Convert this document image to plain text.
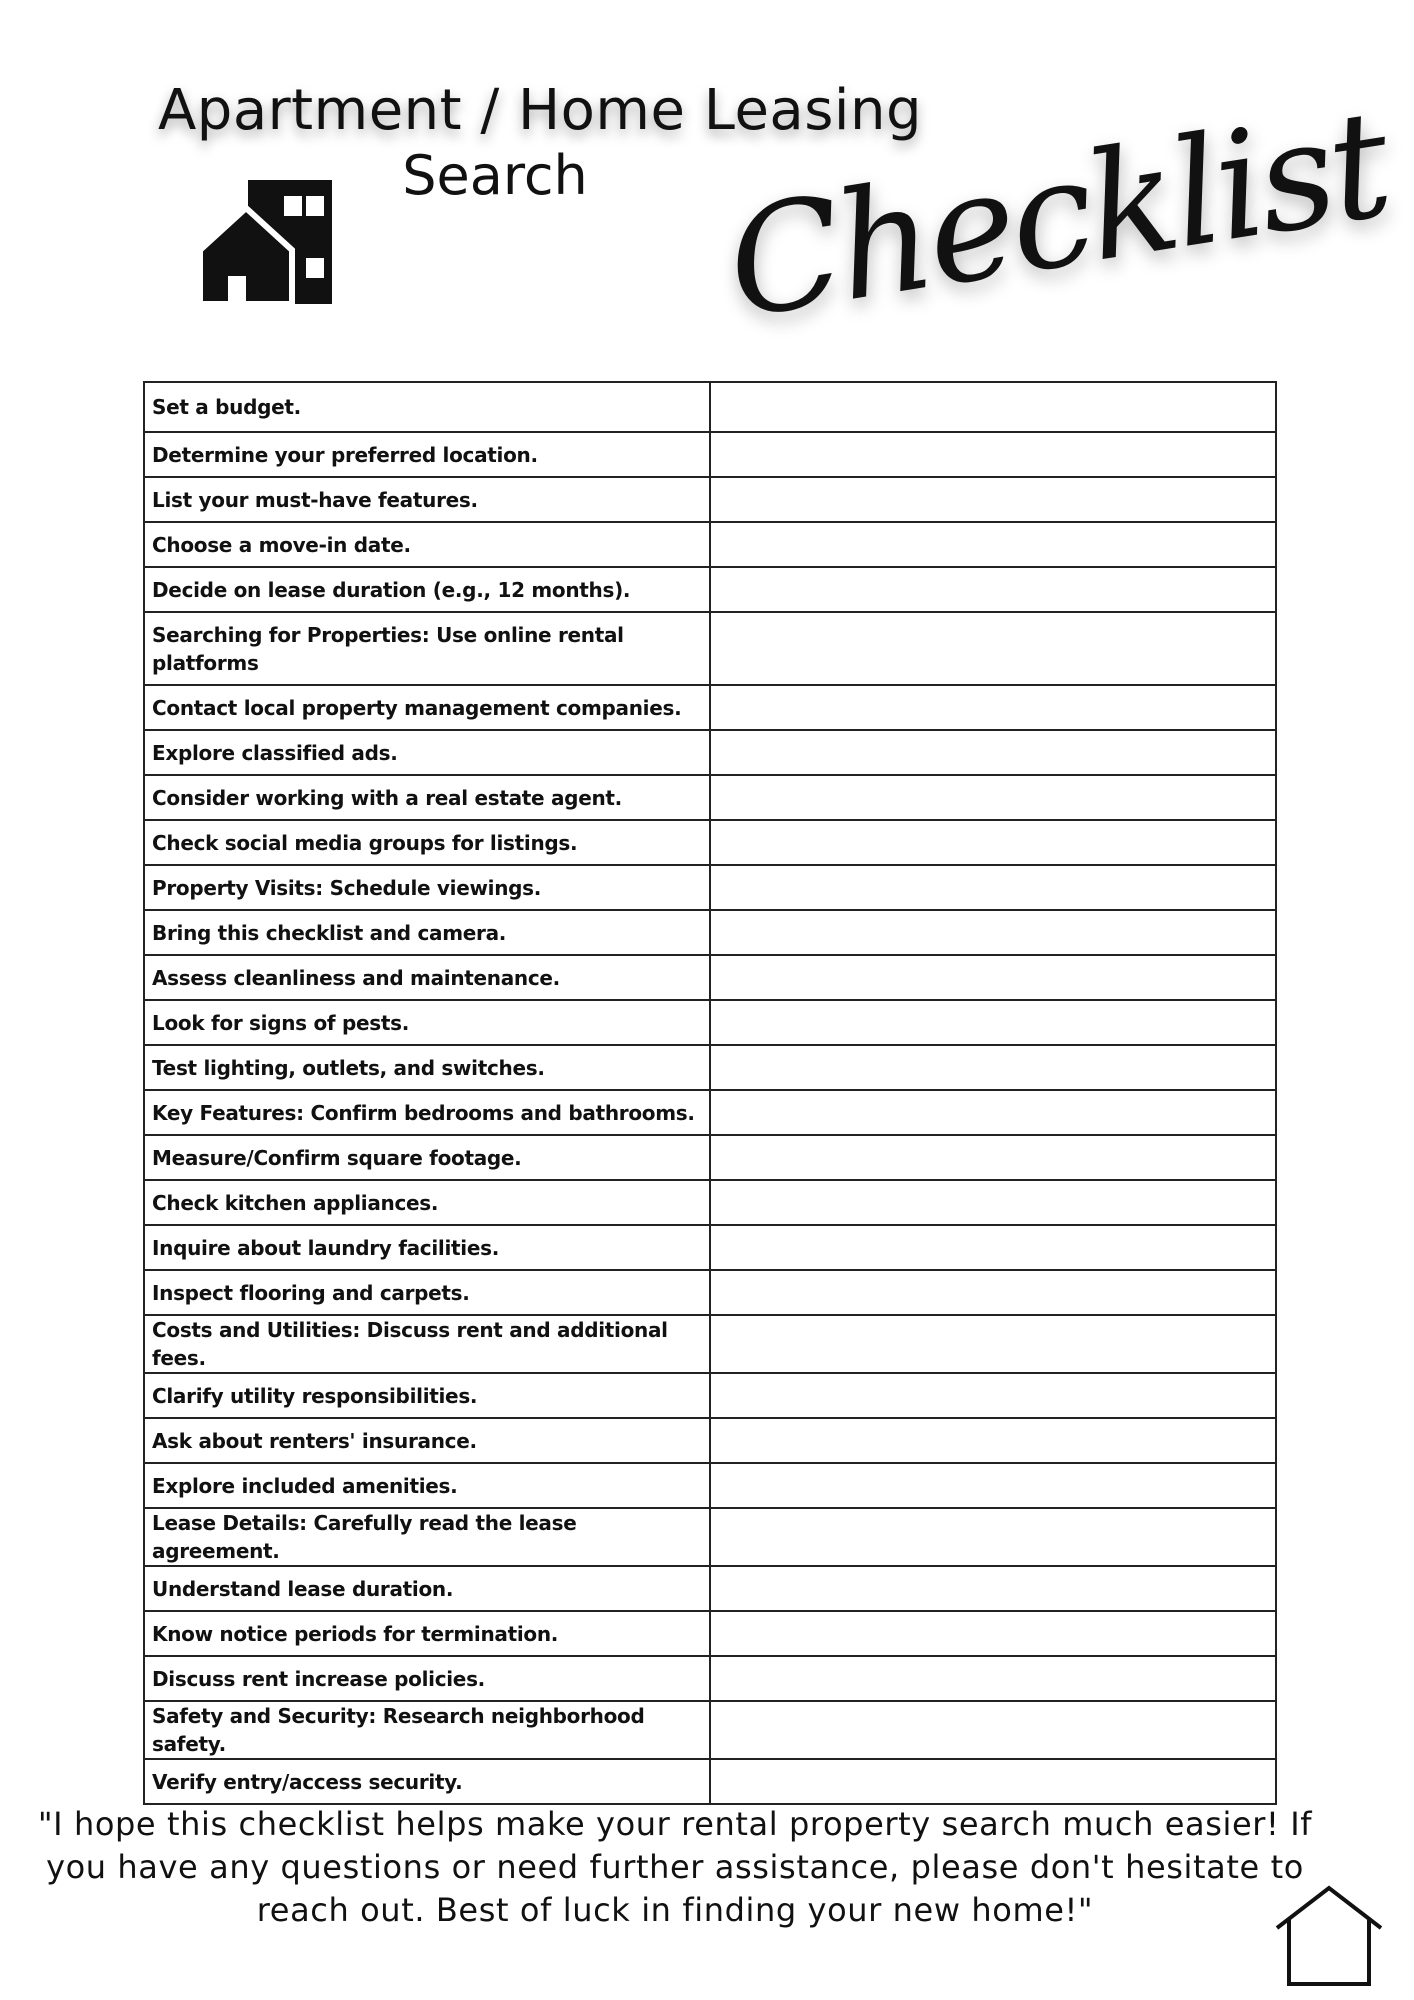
Apartment / Home Leasing
Search Checklist
Set a budget.	
Determine your preferred location.	
List your must-have features.	
Choose a move-in date.	
Decide on lease duration (e.g., 12 months).	
Searching for Properties: Use online rental platforms	
Contact local property management companies.	
Explore classified ads.	
Consider working with a real estate agent.	
Check social media groups for listings.	
Property Visits: Schedule viewings.	
Bring this checklist and camera.	
Assess cleanliness and maintenance.	
Look for signs of pests.	
Test lighting, outlets, and switches.	
Key Features: Confirm bedrooms and bathrooms.	
Measure/Confirm square footage.	
Check kitchen appliances.	
Inquire about laundry facilities.	
Inspect flooring and carpets.	
Costs and Utilities: Discuss rent and additional fees.	
Clarify utility responsibilities.	
Ask about renters' insurance.	
Explore included amenities.	
Lease Details: Carefully read the lease agreement.	
Understand lease duration.	
Know notice periods for termination.	
Discuss rent increase policies.	
Safety and Security: Research neighborhood safety.	
Verify entry/access security.	
"I hope this checklist helps make your rental property search much easier! If you have any questions or need further assistance, please don't hesitate to reach out. Best of luck in finding your new home!"
